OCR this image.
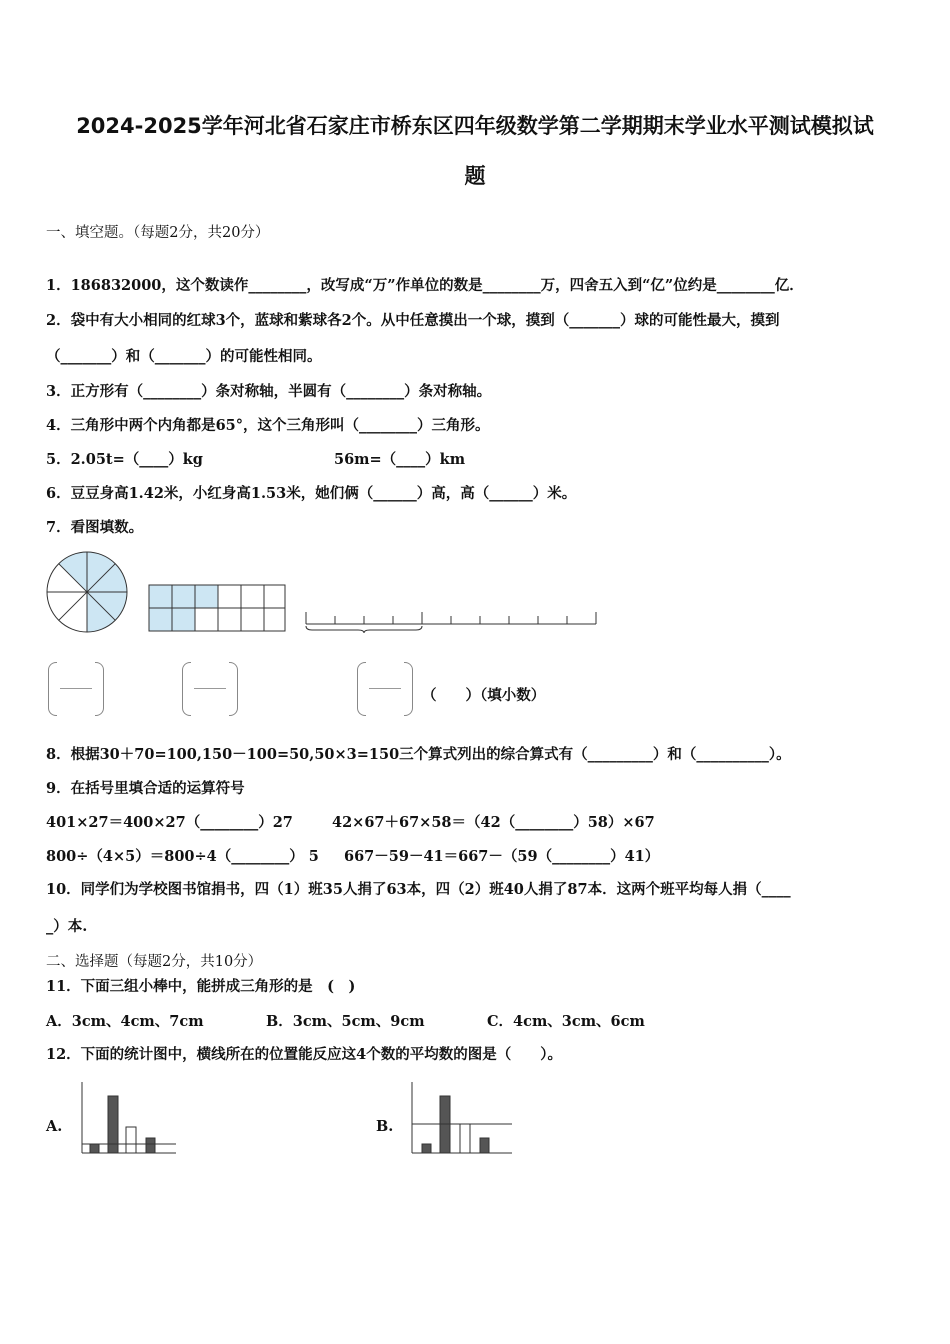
2024-2025学年河北省石家庄市桥东区四年级数学第二学期期末学业水平测试模拟试
题
一、填空题。（每题2分，共20分）
1．186832000，这个数读作________，改写成“万”作单位的数是________万，四舍五入到“亿”位约是________亿．
2．袋中有大小相同的红球3个，蓝球和紫球各2个。从中任意摸出一个球，摸到（_______）球的可能性最大，摸到
（_______）和（_______）的可能性相同。
3．正方形有（________）条对称轴，半圆有（________）条对称轴。
4．三角形中两个内角都是65°，这个三角形叫（________）三角形。
5．2.05t=（____）kg	56m=（____）km
6．豆豆身高1.42米，小红身高1.53米，她们俩（______）高，高（______）米。
7．看图填数。
（　　）（填小数）
8．根据30＋70=100,150－100=50,50×3=150三个算式列出的综合算式有（_________）和（__________）。
9．在括号里填合适的运算符号
401×27＝400×27（________）27	42×67＋67×58＝（42（________）58）×67
800÷（4×5）＝800÷4（________） 5 667－59－41＝667－（59（________）41）
10．同学们为学校图书馆捐书，四（1）班35人捐了63本，四（2）班40人捐了87本．这两个班平均每人捐（____
_）本.
二、选择题（每题2分，共10分）
11．下面三组小棒中，能拼成三角形的是　(　)
A．3cm、4cm、7cm	B．3cm、5cm、9cm	C．4cm、3cm、6cm
12．下面的统计图中，横线所在的位置能反应这4个数的平均数的图是（　　）。
A.	B.
